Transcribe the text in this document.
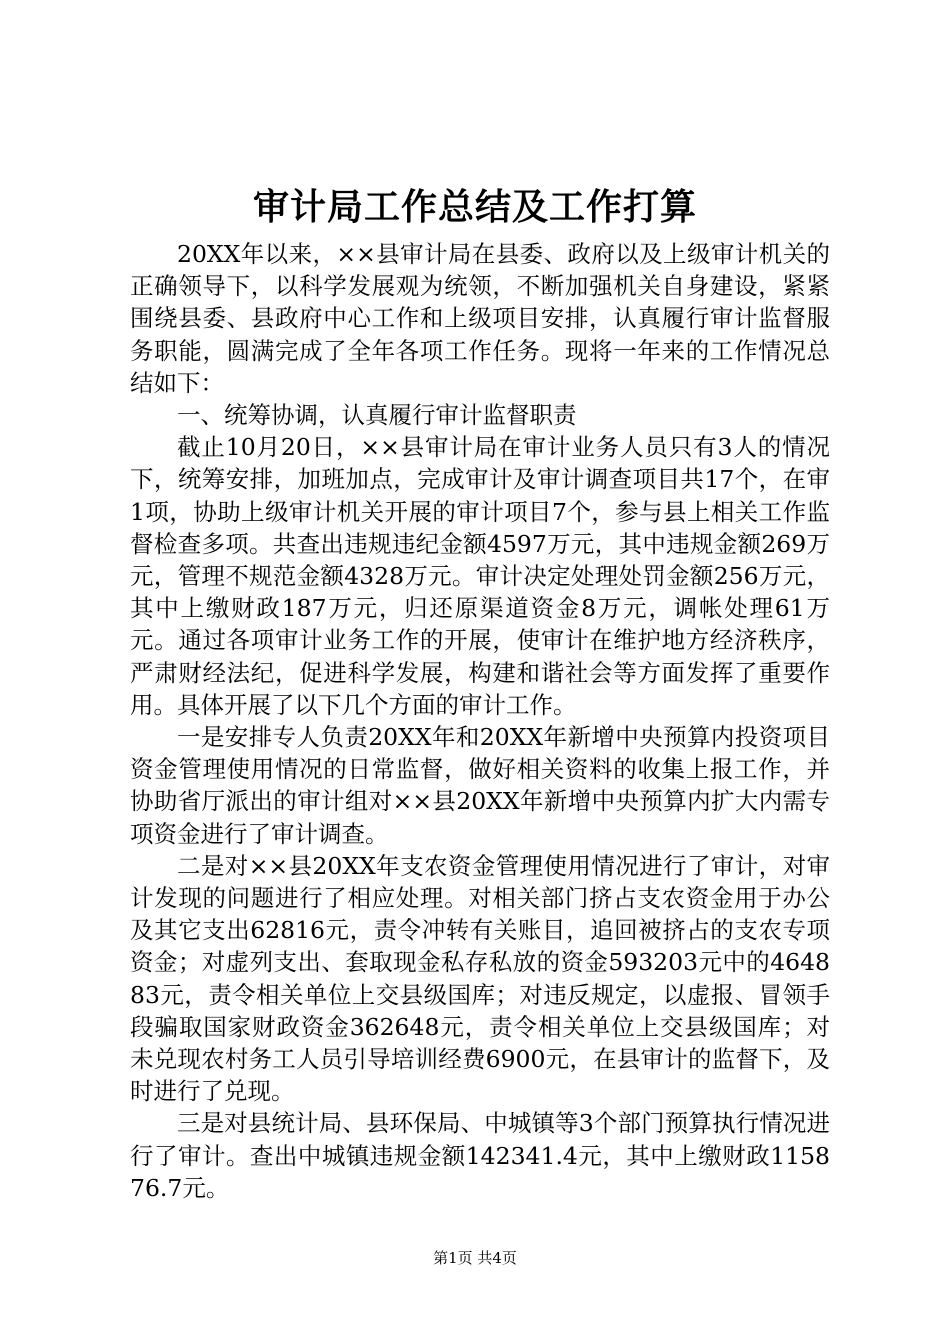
审计局工作总结及工作打算

20XX年以来，××县审计局在县委、政府以及上级审计机关的正确领导下，以科学发展观为统领，不断加强机关自身建设，紧紧围绕县委、县政府中心工作和上级项目安排，认真履行审计监督服务职能，圆满完成了全年各项工作任务。现将一年来的工作情况总结如下：

一、统筹协调，认真履行审计监督职责

截止10月20日，××县审计局在审计业务人员只有3人的情况下，统筹安排，加班加点，完成审计及审计调查项目共17个，在审1项，协助上级审计机关开展的审计项目7个，参与县上相关工作监督检查多项。共查出违规违纪金额4597万元，其中违规金额269万元，管理不规范金额4328万元。审计决定处理处罚金额256万元，其中上缴财政187万元，归还原渠道资金8万元，调帐处理61万元。通过各项审计业务工作的开展，使审计在维护地方经济秩序，严肃财经法纪，促进科学发展，构建和谐社会等方面发挥了重要作用。具体开展了以下几个方面的审计工作。

一是安排专人负责20XX年和20XX年新增中央预算内投资项目资金管理使用情况的日常监督，做好相关资料的收集上报工作，并协助省厅派出的审计组对××县20XX年新增中央预算内扩大内需专项资金进行了审计调查。

二是对××县20XX年支农资金管理使用情况进行了审计，对审计发现的问题进行了相应处理。对相关部门挤占支农资金用于办公及其它支出62816元，责令冲转有关账目，追回被挤占的支农专项资金；对虚列支出、套取现金私存私放的资金593203元中的464883元，责令相关单位上交县级国库；对违反规定，以虚报、冒领手段骗取国家财政资金362648元，责令相关单位上交县级国库；对未兑现农村务工人员引导培训经费6900元，在县审计的监督下，及时进行了兑现。

三是对县统计局、县环保局、中城镇等3个部门预算执行情况进行了审计。查出中城镇违规金额142341.4元，其中上缴财政115876.7元。

第1页 共4页
